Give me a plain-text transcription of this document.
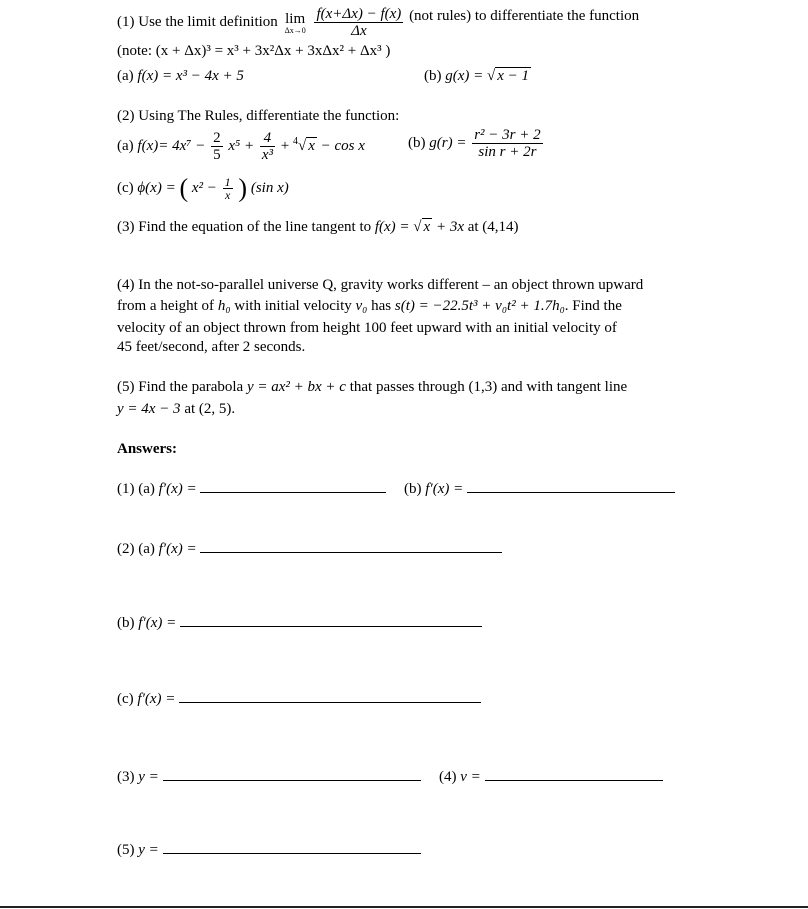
(1) Use the limit definition lim
Δx→0
$\frac{f(x+\Delta x) - f(x)}{\Delta x} (not$ rules) to differentiate the function
(note: (x + Δx)³ = x³ + 3x²Δx + 3xΔx² + Δx³ )
(a) f(x) = x³ − 4x + 5	(b) g(x) = √ x − 1
(2) Using The Rules, differentiate the function:
(a) $f(x)= 4x^7 - \frac{2}{5} x^5 + \frac{4}{\text{x³}} + ^4√$ x − cos x	(b) $g(r) = \frac{\text{r² − 3r + 2}}{\text{sin r + 2r}}$
(c) ϕ(x) = ( $x^2 - \frac{1}{x}$ ) (sin x)
(3) Find the equation of the line tangent to f(x) = √ x + 3x at (4,14)
(4) In the not-so-parallel universe Q, gravity works different – an object thrown upward
from a height of h₀ with initial velocity v₀ has s(t) = −22.5t³ + v₀t² + 1.7h₀. Find the
velocity of an object thrown from height 100 feet upward with an initial velocity of
45 feet/second, after 2 seconds.
(5) Find the parabola y = ax² + bx + c that passes through (1,3) and with tangent line
y = 4x − 3 at (2, 5).
Answers:
(1) (a) f′(x) =	(b) f′(x) =
(2) (a) f′(x) =
(b) f′(x) =
(c) f′(x) =
(3) y =	(4) v =
(5) y =
